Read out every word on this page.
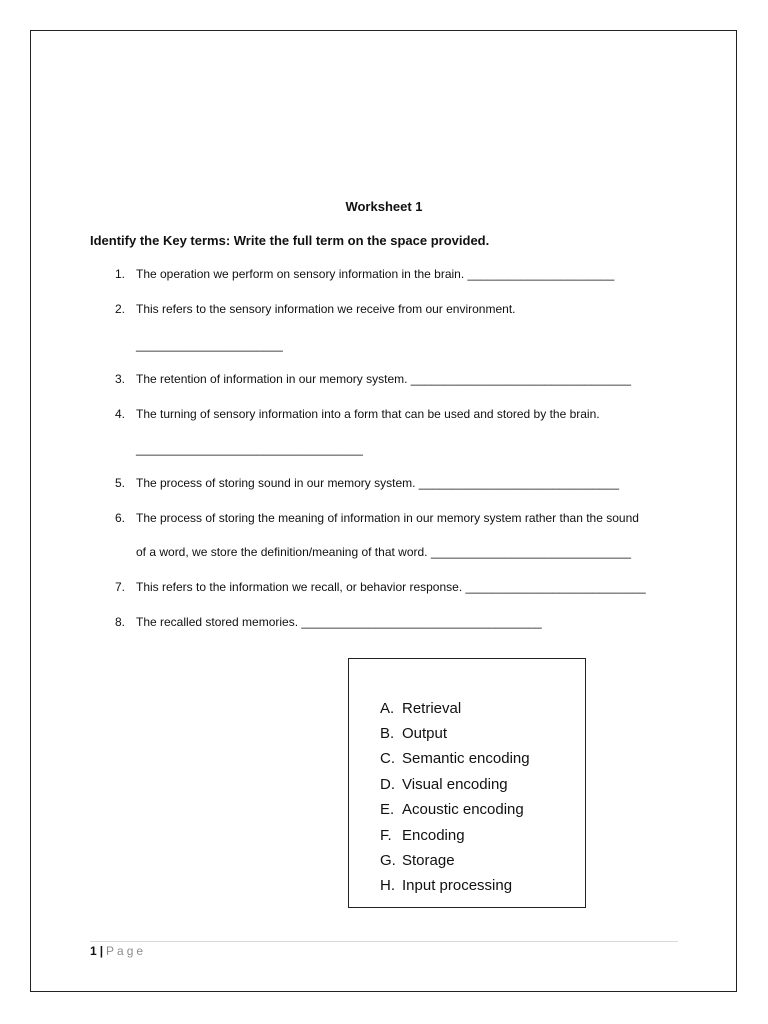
Worksheet 1
Identify the Key terms: Write the full term on the space provided.
1. The operation we perform on sensory information in the brain. ______________________
2. This refers to the sensory information we receive from our environment.
______________________
3. The retention of information in our memory system. _________________________________
4. The turning of sensory information into a form that can be used and stored by the brain.
__________________________________
5. The process of storing sound in our memory system. ______________________________
6. The process of storing the meaning of information in our memory system rather than the sound
of a word, we store the definition/meaning of that word. ______________________________
7. This refers to the information we recall, or behavior response. ___________________________
8. The recalled stored memories. ____________________________________
A. Retrieval
B. Output
C. Semantic encoding
D. Visual encoding
E. Acoustic encoding
F. Encoding
G. Storage
H. Input processing
1 | Page
